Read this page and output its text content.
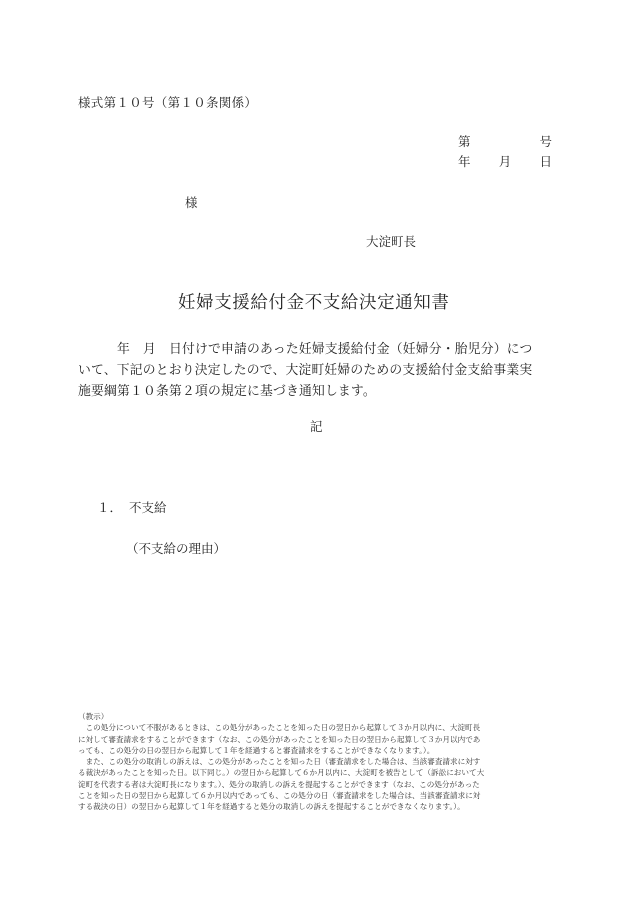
様式第１０号（第１０条関係）
第	号
年 月 日
様
大淀町長
妊婦支援給付金不支給決定通知書
　　　年　月　日付けで申請のあった妊婦支援給付金（妊婦分・胎児分）につ
いて、下記のとおり決定したので、大淀町妊婦のための支援給付金支給事業実
施要綱第１０条第２項の規定に基づき通知します。
記
１． 不支給
（不支給の理由）
（教示）
　この処分について不服があるときは、この処分があったことを知った日の翌日から起算して３か月以内に、大淀町長
に対して審査請求をすることができます（なお、この処分があったことを知った日の翌日から起算して３か月以内であ
っても、この処分の日の翌日から起算して１年を経過すると審査請求をすることができなくなります。）。
　また、この処分の取消しの訴えは、この処分があったことを知った日（審査請求をした場合は、当該審査請求に対す
る裁決があったことを知った日。以下同じ。）の翌日から起算して６か月以内に、大淀町を被告として（訴訟において大
淀町を代表する者は大淀町長になります。）、処分の取消しの訴えを提起することができます（なお、この処分があった
ことを知った日の翌日から起算して６か月以内であっても、この処分の日（審査請求をした場合は、当該審査請求に対
する裁決の日）の翌日から起算して１年を経過すると処分の取消しの訴えを提起することができなくなります。）。
